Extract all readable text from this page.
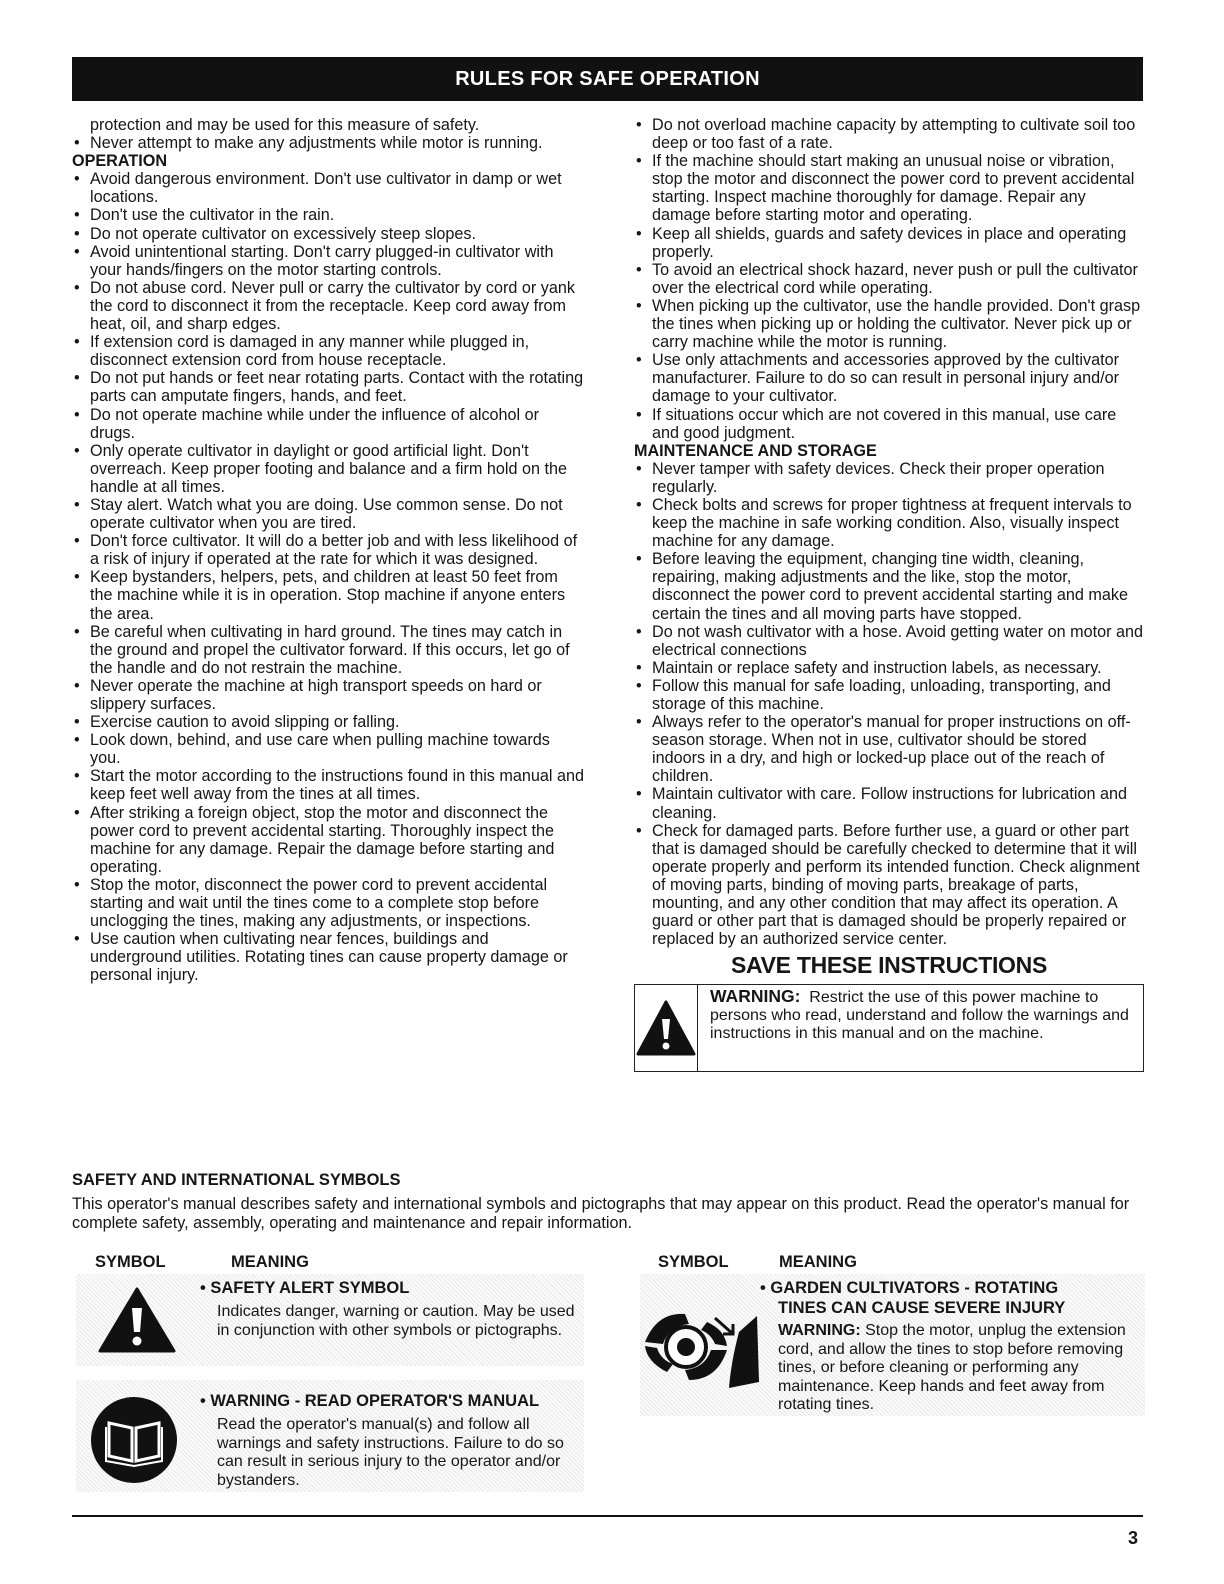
RULES FOR SAFE OPERATION
protection and may be used for this measure of safety.
• Never attempt to make any adjustments while motor is running.
OPERATION
• Avoid dangerous environment. Don't use cultivator in damp or wet locations.
• Don't use the cultivator in the rain.
• Do not operate cultivator on excessively steep slopes.
• Avoid unintentional starting. Don't carry plugged-in cultivator with your hands/fingers on the motor starting controls.
• Do not abuse cord. Never pull or carry the cultivator by cord or yank the cord to disconnect it from the receptacle. Keep cord away from heat, oil, and sharp edges.
• If extension cord is damaged in any manner while plugged in, disconnect extension cord from house receptacle.
• Do not put hands or feet near rotating parts. Contact with the rotating parts can amputate fingers, hands, and feet.
• Do not operate machine while under the influence of alcohol or drugs.
• Only operate cultivator in daylight or good artificial light. Don't overreach. Keep proper footing and balance and a firm hold on the handle at all times.
• Stay alert. Watch what you are doing. Use common sense. Do not operate cultivator when you are tired.
• Don't force cultivator. It will do a better job and with less likelihood of a risk of injury if operated at the rate for which it was designed.
• Keep bystanders, helpers, pets, and children at least 50 feet from the machine while it is in operation. Stop machine if anyone enters the area.
• Be careful when cultivating in hard ground. The tines may catch in the ground and propel the cultivator forward. If this occurs, let go of the handle and do not restrain the machine.
• Never operate the machine at high transport speeds on hard or slippery surfaces.
• Exercise caution to avoid slipping or falling.
• Look down, behind, and use care when pulling machine towards you.
• Start the motor according to the instructions found in this manual and keep feet well away from the tines at all times.
• After striking a foreign object, stop the motor and disconnect the power cord to prevent accidental starting. Thoroughly inspect the machine for any damage. Repair the damage before starting and operating.
• Stop the motor, disconnect the power cord to prevent accidental starting and wait until the tines come to a complete stop before unclogging the tines, making any adjustments, or inspections.
• Use caution when cultivating near fences, buildings and underground utilities. Rotating tines can cause property damage or personal injury.
• Do not overload machine capacity by attempting to cultivate soil too deep or too fast of a rate.
• If the machine should start making an unusual noise or vibration, stop the motor and disconnect the power cord to prevent accidental starting. Inspect machine thoroughly for damage. Repair any damage before starting motor and operating.
• Keep all shields, guards and safety devices in place and operating properly.
• To avoid an electrical shock hazard, never push or pull the cultivator over the electrical cord while operating.
• When picking up the cultivator, use the handle provided. Don't grasp the tines when picking up or holding the cultivator. Never pick up or carry machine while the motor is running.
• Use only attachments and accessories approved by the cultivator manufacturer. Failure to do so can result in personal injury and/or damage to your cultivator.
• If situations occur which are not covered in this manual, use care and good judgment.
MAINTENANCE AND STORAGE
• Never tamper with safety devices. Check their proper operation regularly.
• Check bolts and screws for proper tightness at frequent intervals to keep the machine in safe working condition. Also, visually inspect machine for any damage.
• Before leaving the equipment, changing tine width, cleaning, repairing, making adjustments and the like, stop the motor, disconnect the power cord to prevent accidental starting and make certain the tines and all moving parts have stopped.
• Do not wash cultivator with a hose. Avoid getting water on motor and electrical connections
• Maintain or replace safety and instruction labels, as necessary.
• Follow this manual for safe loading, unloading, transporting, and storage of this machine.
• Always refer to the operator's manual for proper instructions on off-season storage. When not in use, cultivator should be stored indoors in a dry, and high or locked-up place out of the reach of children.
• Maintain cultivator with care. Follow instructions for lubrication and cleaning.
• Check for damaged parts. Before further use, a guard or other part that is damaged should be carefully checked to determine that it will operate properly and perform its intended function. Check alignment of moving parts, binding of moving parts, breakage of parts, mounting, and any other condition that may affect its operation. A guard or other part that is damaged should be properly repaired or replaced by an authorized service center.
SAVE THESE INSTRUCTIONS
WARNING: Restrict the use of this power machine to persons who read, understand and follow the warnings and instructions in this manual and on the machine.
SAFETY AND INTERNATIONAL SYMBOLS
This operator's manual describes safety and international symbols and pictographs that may appear on this product. Read the operator's manual for complete safety, assembly, operating and maintenance and repair information.
SYMBOL	MEANING	SYMBOL	MEANING
• SAFETY ALERT SYMBOL
Indicates danger, warning or caution. May be used in conjunction with other symbols or pictographs.
• WARNING - READ OPERATOR'S MANUAL
Read the operator's manual(s) and follow all warnings and safety instructions. Failure to do so can result in serious injury to the operator and/or bystanders.
• GARDEN CULTIVATORS - ROTATING
TINES CAN CAUSE SEVERE INJURY
WARNING: Stop the motor, unplug the extension cord, and allow the tines to stop before removing tines, or before cleaning or performing any maintenance. Keep hands and feet away from rotating tines.
3
